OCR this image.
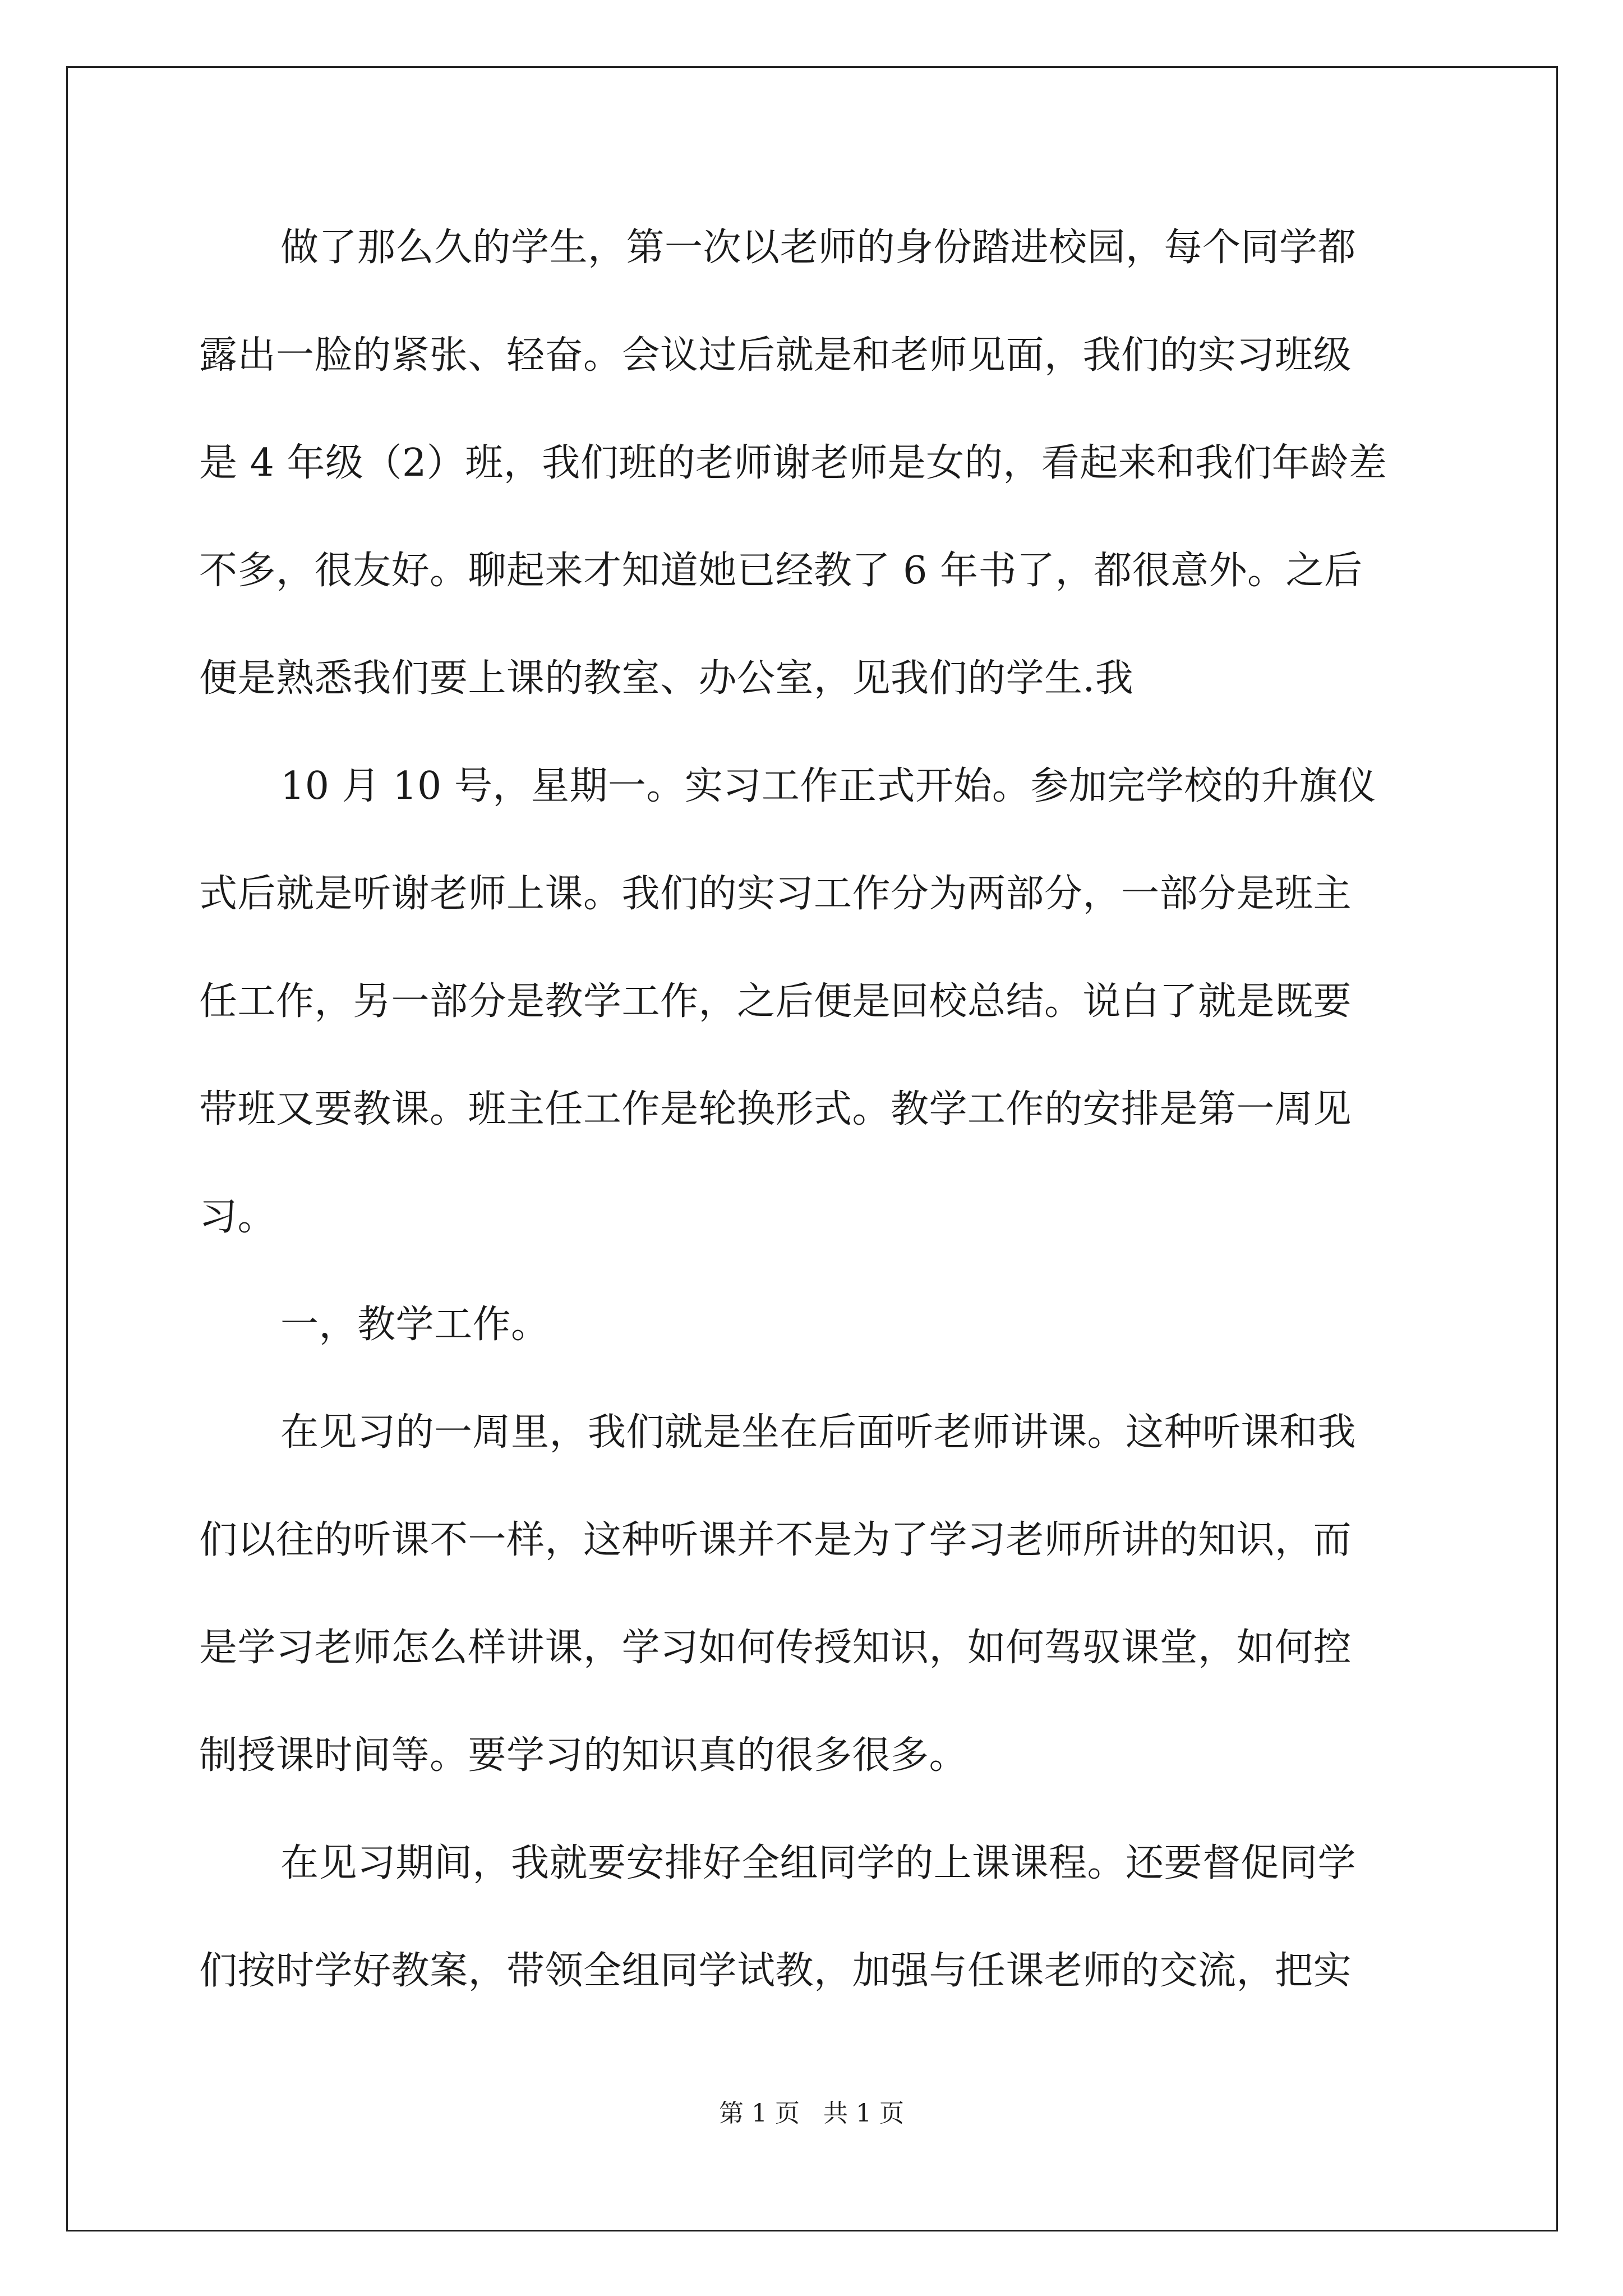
做了那么久的学生，第一次以老师的身份踏进校园，每个同学都
露出一脸的紧张、轻奋。会议过后就是和老师见面，我们的实习班级
是 4 年级（2）班，我们班的老师谢老师是女的，看起来和我们年龄差
不多，很友好。聊起来才知道她已经教了 6 年书了，都很意外。之后
便是熟悉我们要上课的教室、办公室，见我们的学生.我
10 月 10 号，星期一。实习工作正式开始。参加完学校的升旗仪
式后就是听谢老师上课。我们的实习工作分为两部分，一部分是班主
任工作，另一部分是教学工作，之后便是回校总结。说白了就是既要
带班又要教课。班主任工作是轮换形式。教学工作的安排是第一周见
习。
一，教学工作。
在见习的一周里，我们就是坐在后面听老师讲课。这种听课和我
们以往的听课不一样，这种听课并不是为了学习老师所讲的知识，而
是学习老师怎么样讲课，学习如何传授知识，如何驾驭课堂，如何控
制授课时间等。要学习的知识真的很多很多。
在见习期间，我就要安排好全组同学的上课课程。还要督促同学
们按时学好教案，带领全组同学试教，加强与任课老师的交流，把实
第 1 页 共 1 页
